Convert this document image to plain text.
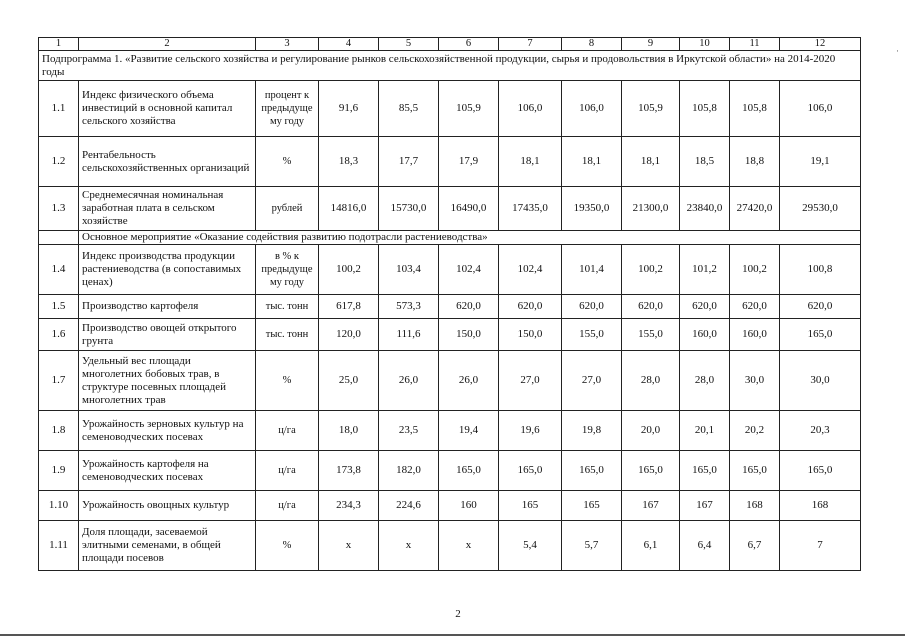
1	2	3	4	5	6	7	8	9	10	11	12
Подпрограмма 1. «Развитие сельского хозяйства и регулирование рынков сельскохозяйственной продукции, сырья и продовольствия в Иркутской области» на 2014-2020 годы											
1.1	Индекс физического объема инвестиций в основной капитал сельского хозяйства	процент к предыдуще му году	91,6	85,5	105,9	106,0	106,0	105,9	105,8	105,8	106,0
1.2	Рентабельность сельскохозяйственных организаций	%	18,3	17,7	17,9	18,1	18,1	18,1	18,5	18,8	19,1
1.3	Среднемесячная номинальная заработная плата в сельском хозяйстве	рублей	14816,0	15730,0	16490,0	17435,0	19350,0	21300,0	23840,0	27420,0	29530,0
	Основное мероприятие «Оказание содействия развитию подотрасли растениеводства»										
1.4	Индекс производства продукции растениеводства (в сопоставимых ценах)	в % к предыдуще му году	100,2	103,4	102,4	102,4	101,4	100,2	101,2	100,2	100,8
1.5	Производство картофеля	тыс. тонн	617,8	573,3	620,0	620,0	620,0	620,0	620,0	620,0	620,0
1.6	Производство овощей открытого грунта	тыс. тонн	120,0	111,6	150,0	150,0	155,0	155,0	160,0	160,0	165,0
1.7	Удельный вес площади многолетних бобовых трав, в структуре посевных площадей многолетних трав	%	25,0	26,0	26,0	27,0	27,0	28,0	28,0	30,0	30,0
1.8	Урожайность зерновых культур на семеноводческих посевах	ц/га	18,0	23,5	19,4	19,6	19,8	20,0	20,1	20,2	20,3
1.9	Урожайность картофеля на семеноводческих посевах	ц/га	173,8	182,0	165,0	165,0	165,0	165,0	165,0	165,0	165,0
1.10	Урожайность овощных культур	ц/га	234,3	224,6	160	165	165	167	167	168	168
1.11	Доля площади, засеваемой элитными семенами, в общей площади посевов	%	x	x	x	5,4	5,7	6,1	6,4	6,7	7
2
·
